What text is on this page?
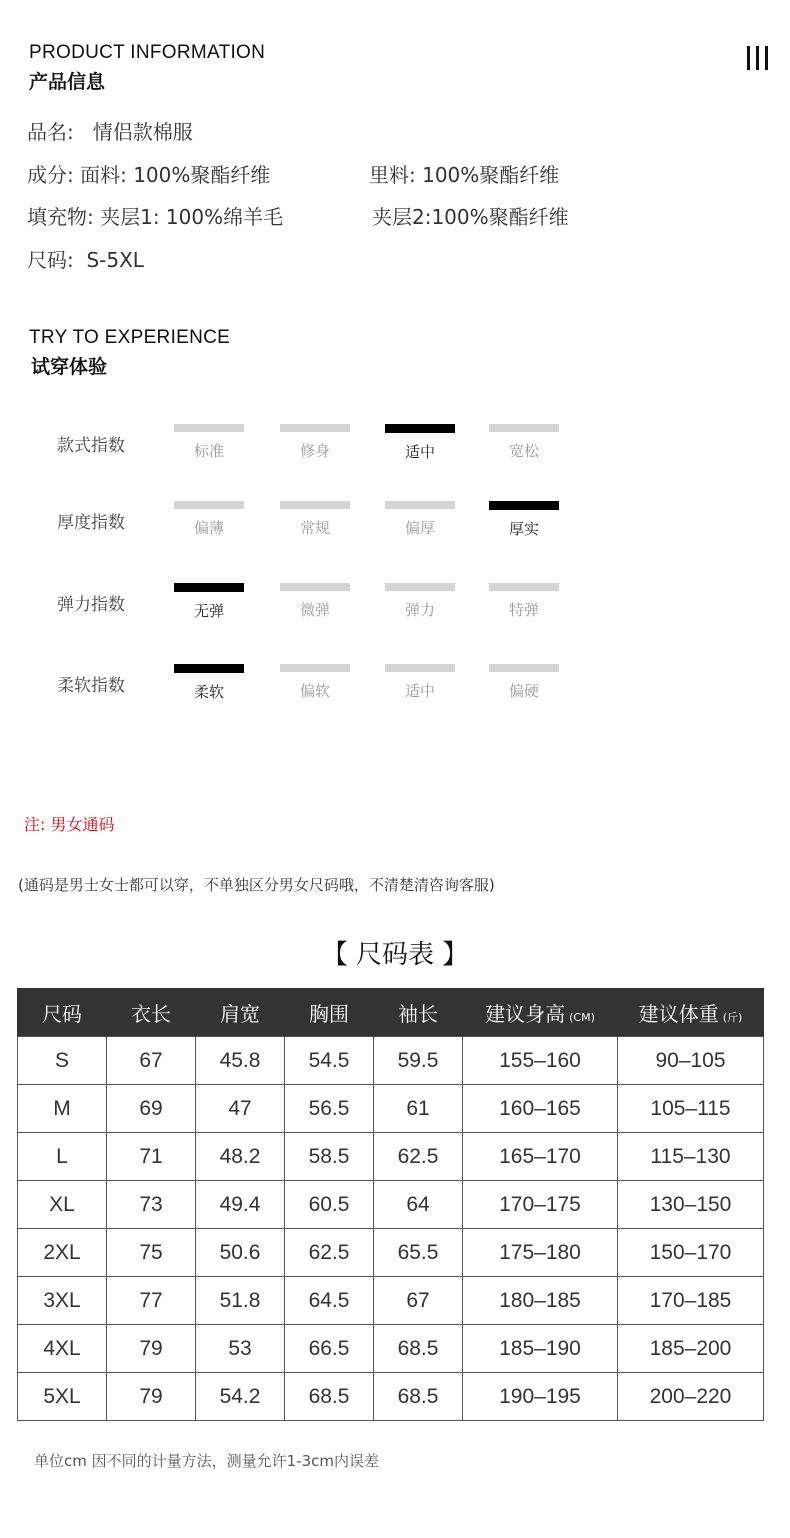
PRODUCT INFORMATION
产品信息
品名:   情侣款棉服
成分: 面料: 100%聚酯纤维	里料: 100%聚酯纤维
填充物: 夹层1: 100%绵羊毛	夹层2:100%聚酯纤维
尺码:  S-5XL
TRY TO EXPERIENCE
试穿体验
款式指数	标准	修身	适中	宽松
厚度指数	偏薄	常规	偏厚	厚实
弹力指数	无弹	微弹	弹力	特弹
柔软指数	柔软	偏软	适中	偏硬
注: 男女通码
(通码是男士女士都可以穿，不单独区分男女尺码哦，不清楚清咨询客服)
【 尺码表 】
尺码	衣长	肩宽	胸围	袖长	建议身高 (CM)	建议体重 (斤)
S	67	45.8	54.5	59.5	155–160	90–105
M	69	47	56.5	61	160–165	105–115
L	71	48.2	58.5	62.5	165–170	115–130
XL	73	49.4	60.5	64	170–175	130–150
2XL	75	50.6	62.5	65.5	175–180	150–170
3XL	77	51.8	64.5	67	180–185	170–185
4XL	79	53	66.5	68.5	185–190	185–200
5XL	79	54.2	68.5	68.5	190–195	200–220
单位cm 因不同的计量方法，测量允许1-3cm内误差
